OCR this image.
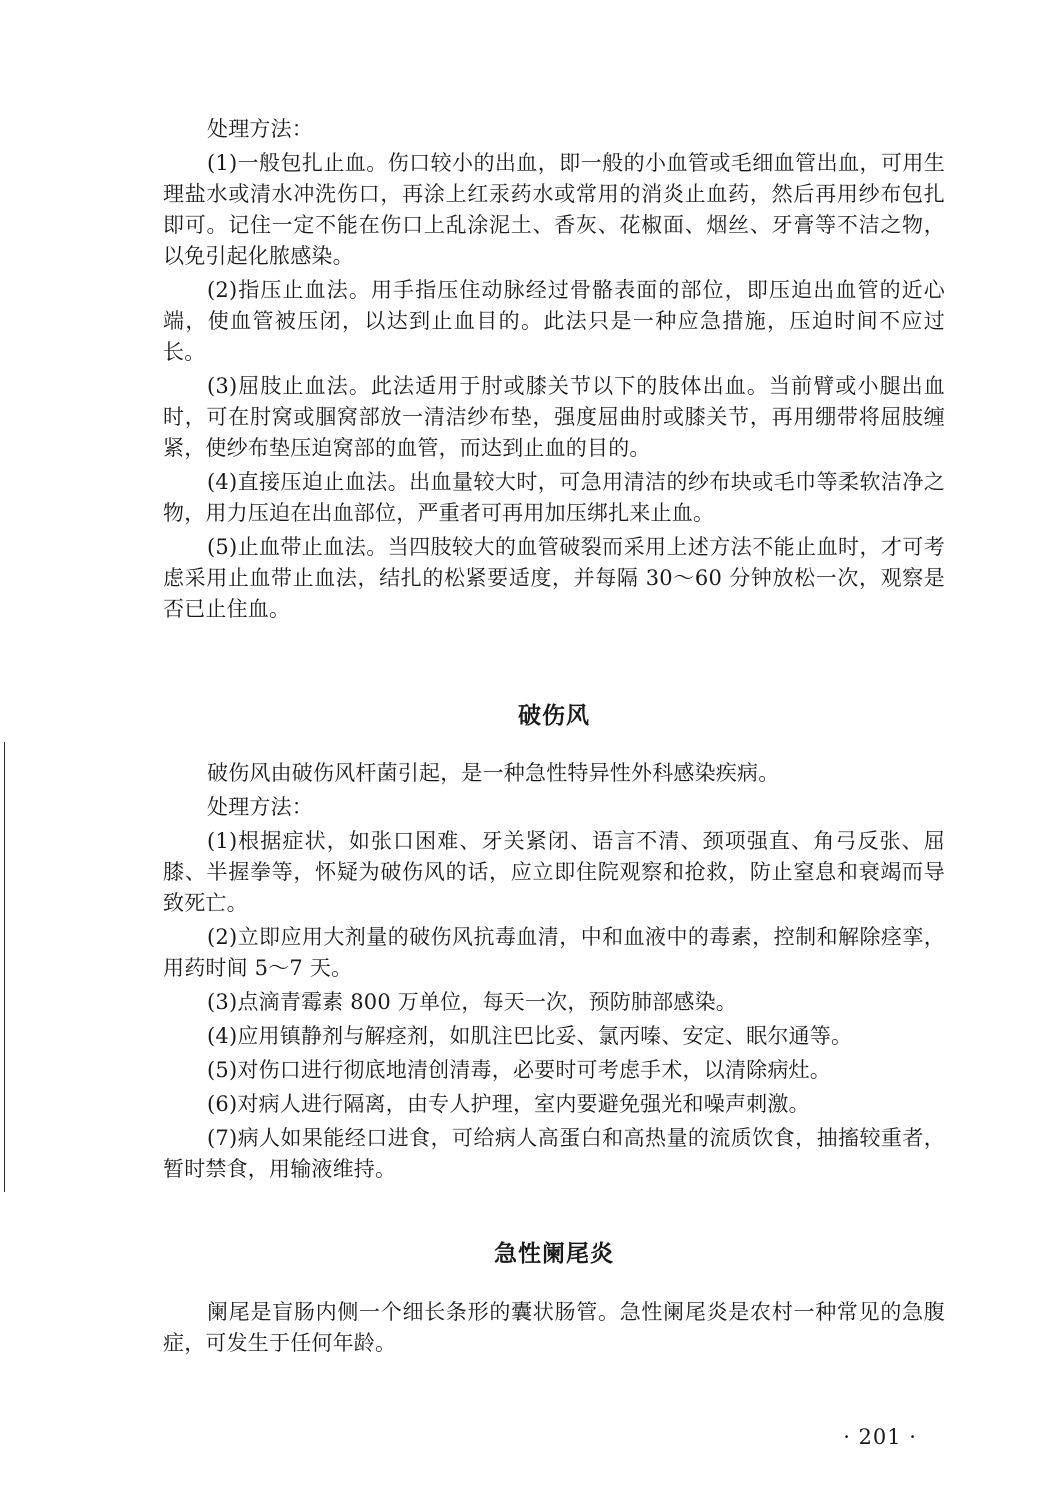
处理方法：

(1)一般包扎止血。伤口较小的出血，即一般的小血管或毛细血管出血，可用生理盐水或清水冲洗伤口，再涂上红汞药水或常用的消炎止血药，然后再用纱布包扎即可。记住一定不能在伤口上乱涂泥土、香灰、花椒面、烟丝、牙膏等不洁之物，以免引起化脓感染。

(2)指压止血法。用手指压住动脉经过骨骼表面的部位，即压迫出血管的近心端，使血管被压闭，以达到止血目的。此法只是一种应急措施，压迫时间不应过长。

(3)屈肢止血法。此法适用于肘或膝关节以下的肢体出血。当前臂或小腿出血时，可在肘窝或腘窝部放一清洁纱布垫，强度屈曲肘或膝关节，再用绷带将屈肢缠紧，使纱布垫压迫窝部的血管，而达到止血的目的。

(4)直接压迫止血法。出血量较大时，可急用清洁的纱布块或毛巾等柔软洁净之物，用力压迫在出血部位，严重者可再用加压绑扎来止血。

(5)止血带止血法。当四肢较大的血管破裂而采用上述方法不能止血时，才可考虑采用止血带止血法，结扎的松紧要适度，并每隔 30～60 分钟放松一次，观察是否已止住血。

破伤风

破伤风由破伤风杆菌引起，是一种急性特异性外科感染疾病。

处理方法：

(1)根据症状，如张口困难、牙关紧闭、语言不清、颈项强直、角弓反张、屈膝、半握拳等，怀疑为破伤风的话，应立即住院观察和抢救，防止窒息和衰竭而导致死亡。

(2)立即应用大剂量的破伤风抗毒血清，中和血液中的毒素，控制和解除痉挛，用药时间 5～7 天。

(3)点滴青霉素 800 万单位，每天一次，预防肺部感染。

(4)应用镇静剂与解痉剂，如肌注巴比妥、氯丙嗪、安定、眠尔通等。

(5)对伤口进行彻底地清创清毒，必要时可考虑手术，以清除病灶。

(6)对病人进行隔离，由专人护理，室内要避免强光和噪声刺激。

(7)病人如果能经口进食，可给病人高蛋白和高热量的流质饮食，抽搐较重者，暂时禁食，用输液维持。

急性阑尾炎

阑尾是盲肠内侧一个细长条形的囊状肠管。急性阑尾炎是农村一种常见的急腹症，可发生于任何年龄。

· 201 ·
